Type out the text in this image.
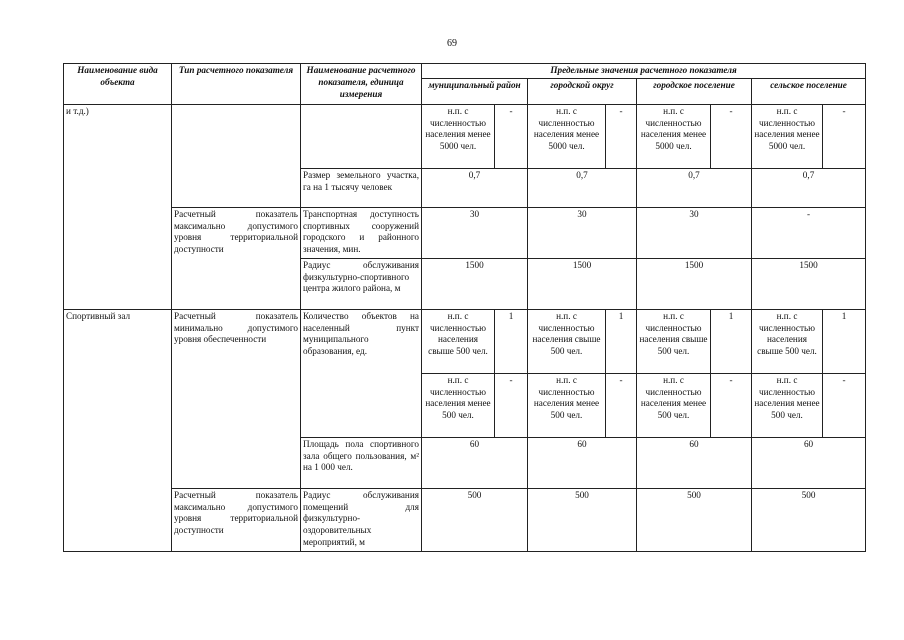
69
Наименование вида объекта	Тип расчетного показателя	Наименование расчетного показателя, единица измерения	Предельные значения расчетного показателя							
			муниципальный район		городской округ		городское поселение		сельское поселение	
и т.д.)			н.п. с численностью населения менее 5000 чел.	-	н.п. с численностью населения менее 5000 чел.	-	н.п. с численностью населения менее 5000 чел.	-	н.п. с численностью населения менее 5000 чел.	-
		Размер земельного участка, га на 1 тысячу человек	0,7		0,7		0,7		0,7	
	Расчетный показатель максимально допустимого уровня территориальной доступности	Транспортная доступность спортивных сооружений городского и районного значения, мин.	30		30		30		-	
		Радиус обслуживания физкультурно-спортивного центра жилого района, м	1500		1500		1500		1500	
Спортивный зал	Расчетный показатель минимально допустимого уровня обеспеченности	Количество объектов на населенный пункт муниципального образования, ед.	н.п. с численностью населения свыше 500 чел.	1	н.п. с численностью населения свыше 500 чел.	1	н.п. с численностью населения свыше 500 чел.	1	н.п. с численностью населения свыше 500 чел.	1
			н.п. с численностью населения менее 500 чел.	-	н.п. с численностью населения менее 500 чел.	-	н.п. с численностью населения менее 500 чел.	-	н.п. с численностью населения менее 500 чел.	-
		Площадь пола спортивного зала общего пользования, м² на 1 000 чел.	60		60		60		60	
	Расчетный показатель максимально допустимого уровня территориальной доступности	Радиус обслуживания помещений для физкультурно-оздоровительных мероприятий, м	500		500		500		500	
